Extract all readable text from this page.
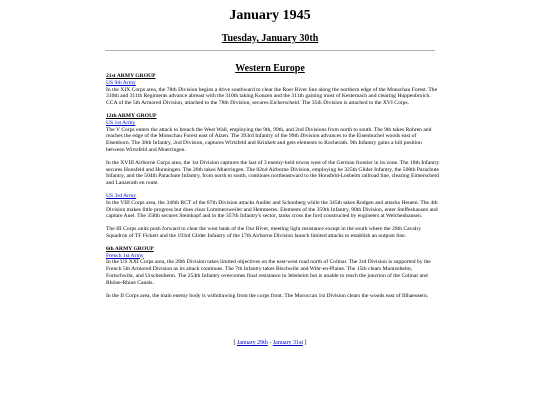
January 1945
Tuesday, January 30th
Western Europe

21st ARMY GROUP

US 9th Army

In the XIX Corps area, the 78th Division begins a drive southward to clear the Roer River line along the northern edge of the Monschau Forest. The 310th and 311th Regiments advance abreast with the 310th taking Konzen and the 311th gaining most of Kesternach and clearing Huppenbroich. CCA of the 5th Armored Division, attached to the 78th Division, secures Eicherscheid. The 35th Division is attached to the XVI Corps.

12th ARMY GROUP

US 1st Army

The V Corps enters the attack to breach the West Wall, employing the 9th, 99th, and 2nd Divisions from north to south. The 9th takes Rohren and reaches the edge of the Monschau Forest east of Alzen. The 393rd Infantry of the 99th Division advances to the Eisenbuchel woods east of Elsenborn. The 38th Infantry, 2nd Division, captures Wirtzfeld and Krinkelt and gets elements to Rocherath. 9th Infantry gains a hill position between Wirtzfeld and Muerringen.

In the XVIII Airborne Corps area, the 1st Division captures the last of 3 enemy-held towns west of the German frontier in its zone. The 18th Infantry secures Honsfeld and Hunningen. The 26th takes Muerringen. The 82nd Airborne Division, employing he 325th Glider Infantry, the 508th Parachute Infantry, and the 504th Parachute Infantry, from north to south, continues northeastward to the Honsfeld-Losheim railroad line, clearing Eimerscheid and Lanzerath en route.

US 3rd Army

In the VIII Corps area, the 346th RCT of the 87th Division attacks Andler and Schonberg while the 345th takes Rodgen and attacks Heuem. The 4th Division makes little progress but does clear Lommersweiler and Hemmeres. Elements of the 359th Infantry, 90th Division, enter Steffeshausen and capture Auel. The 358th secures Steinkopf and in the 357th Infantry's sector, tanks cross the ford constructed by engineers at Welchenhausen.

The III Corps units push forward to clear the west bank of the Our River, meeting light resistance except in the south where the 28th Cavalry Squadron of TF Fickett and the 193rd Glider Infantry of the 17th Airborne Division launch limited attacks to establish an outpost line.

6th ARMY GROUP

French 1st Army

In the US XXI Corps area, the 28th Division takes limited objectives on the east-west road north of Colmar. The 3rd Division is supported by the French 5th Armored Division as its attack continues. The 7th Infantry takes Bischwihr and Wihr-en-Plaine. The 15th clears Muntzeheim, Fortschwihr, and Urschenheim. The 254th Infantry overcomes final resistance in Jebsheim but is unable to reach the junction of the Colmar and Rhône-Rhine Canals.

In the II Corps area, the main enemy body is withdrawing from the corps front. The Moroccan 1st Division clears the woods east of Illhaeusern.

[ January 29th - January 31st ]
